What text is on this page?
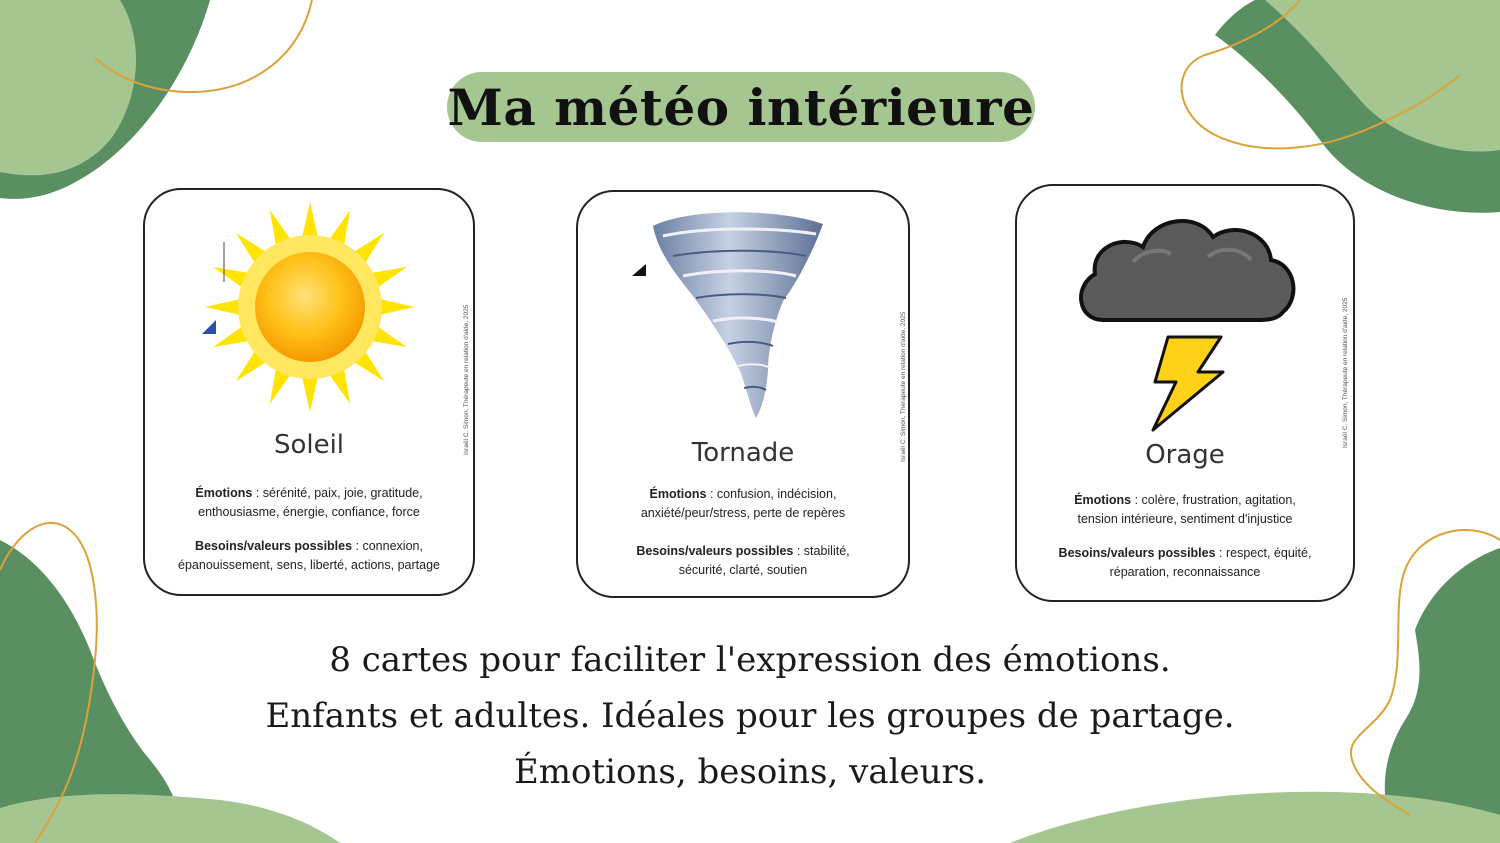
Ma météo intérieure
Soleil
Émotions : sérénité, paix, joie, gratitude,
enthousiasme, énergie, confiance, force
Besoins/valeurs possibles : connexion,
épanouissement, sens, liberté, actions, partage
Israël C. Simon, Thérapeute en relation d'aide, 2025	Tornade
Émotions : confusion, indécision,
anxiété/peur/stress, perte de repères
Besoins/valeurs possibles : stabilité,
sécurité, clarté, soutien
Israël C. Simon, Thérapeute en relation d'aide, 2025	Orage
Émotions : colère, frustration, agitation,
tension intérieure, sentiment d'injustice
Besoins/valeurs possibles : respect, équité,
réparation, reconnaissance
Israël C. Simon, Thérapeute en relation d'aide, 2025
8 cartes pour faciliter l'expression des émotions.
Enfants et adultes. Idéales pour les groupes de partage.
Émotions, besoins, valeurs.
